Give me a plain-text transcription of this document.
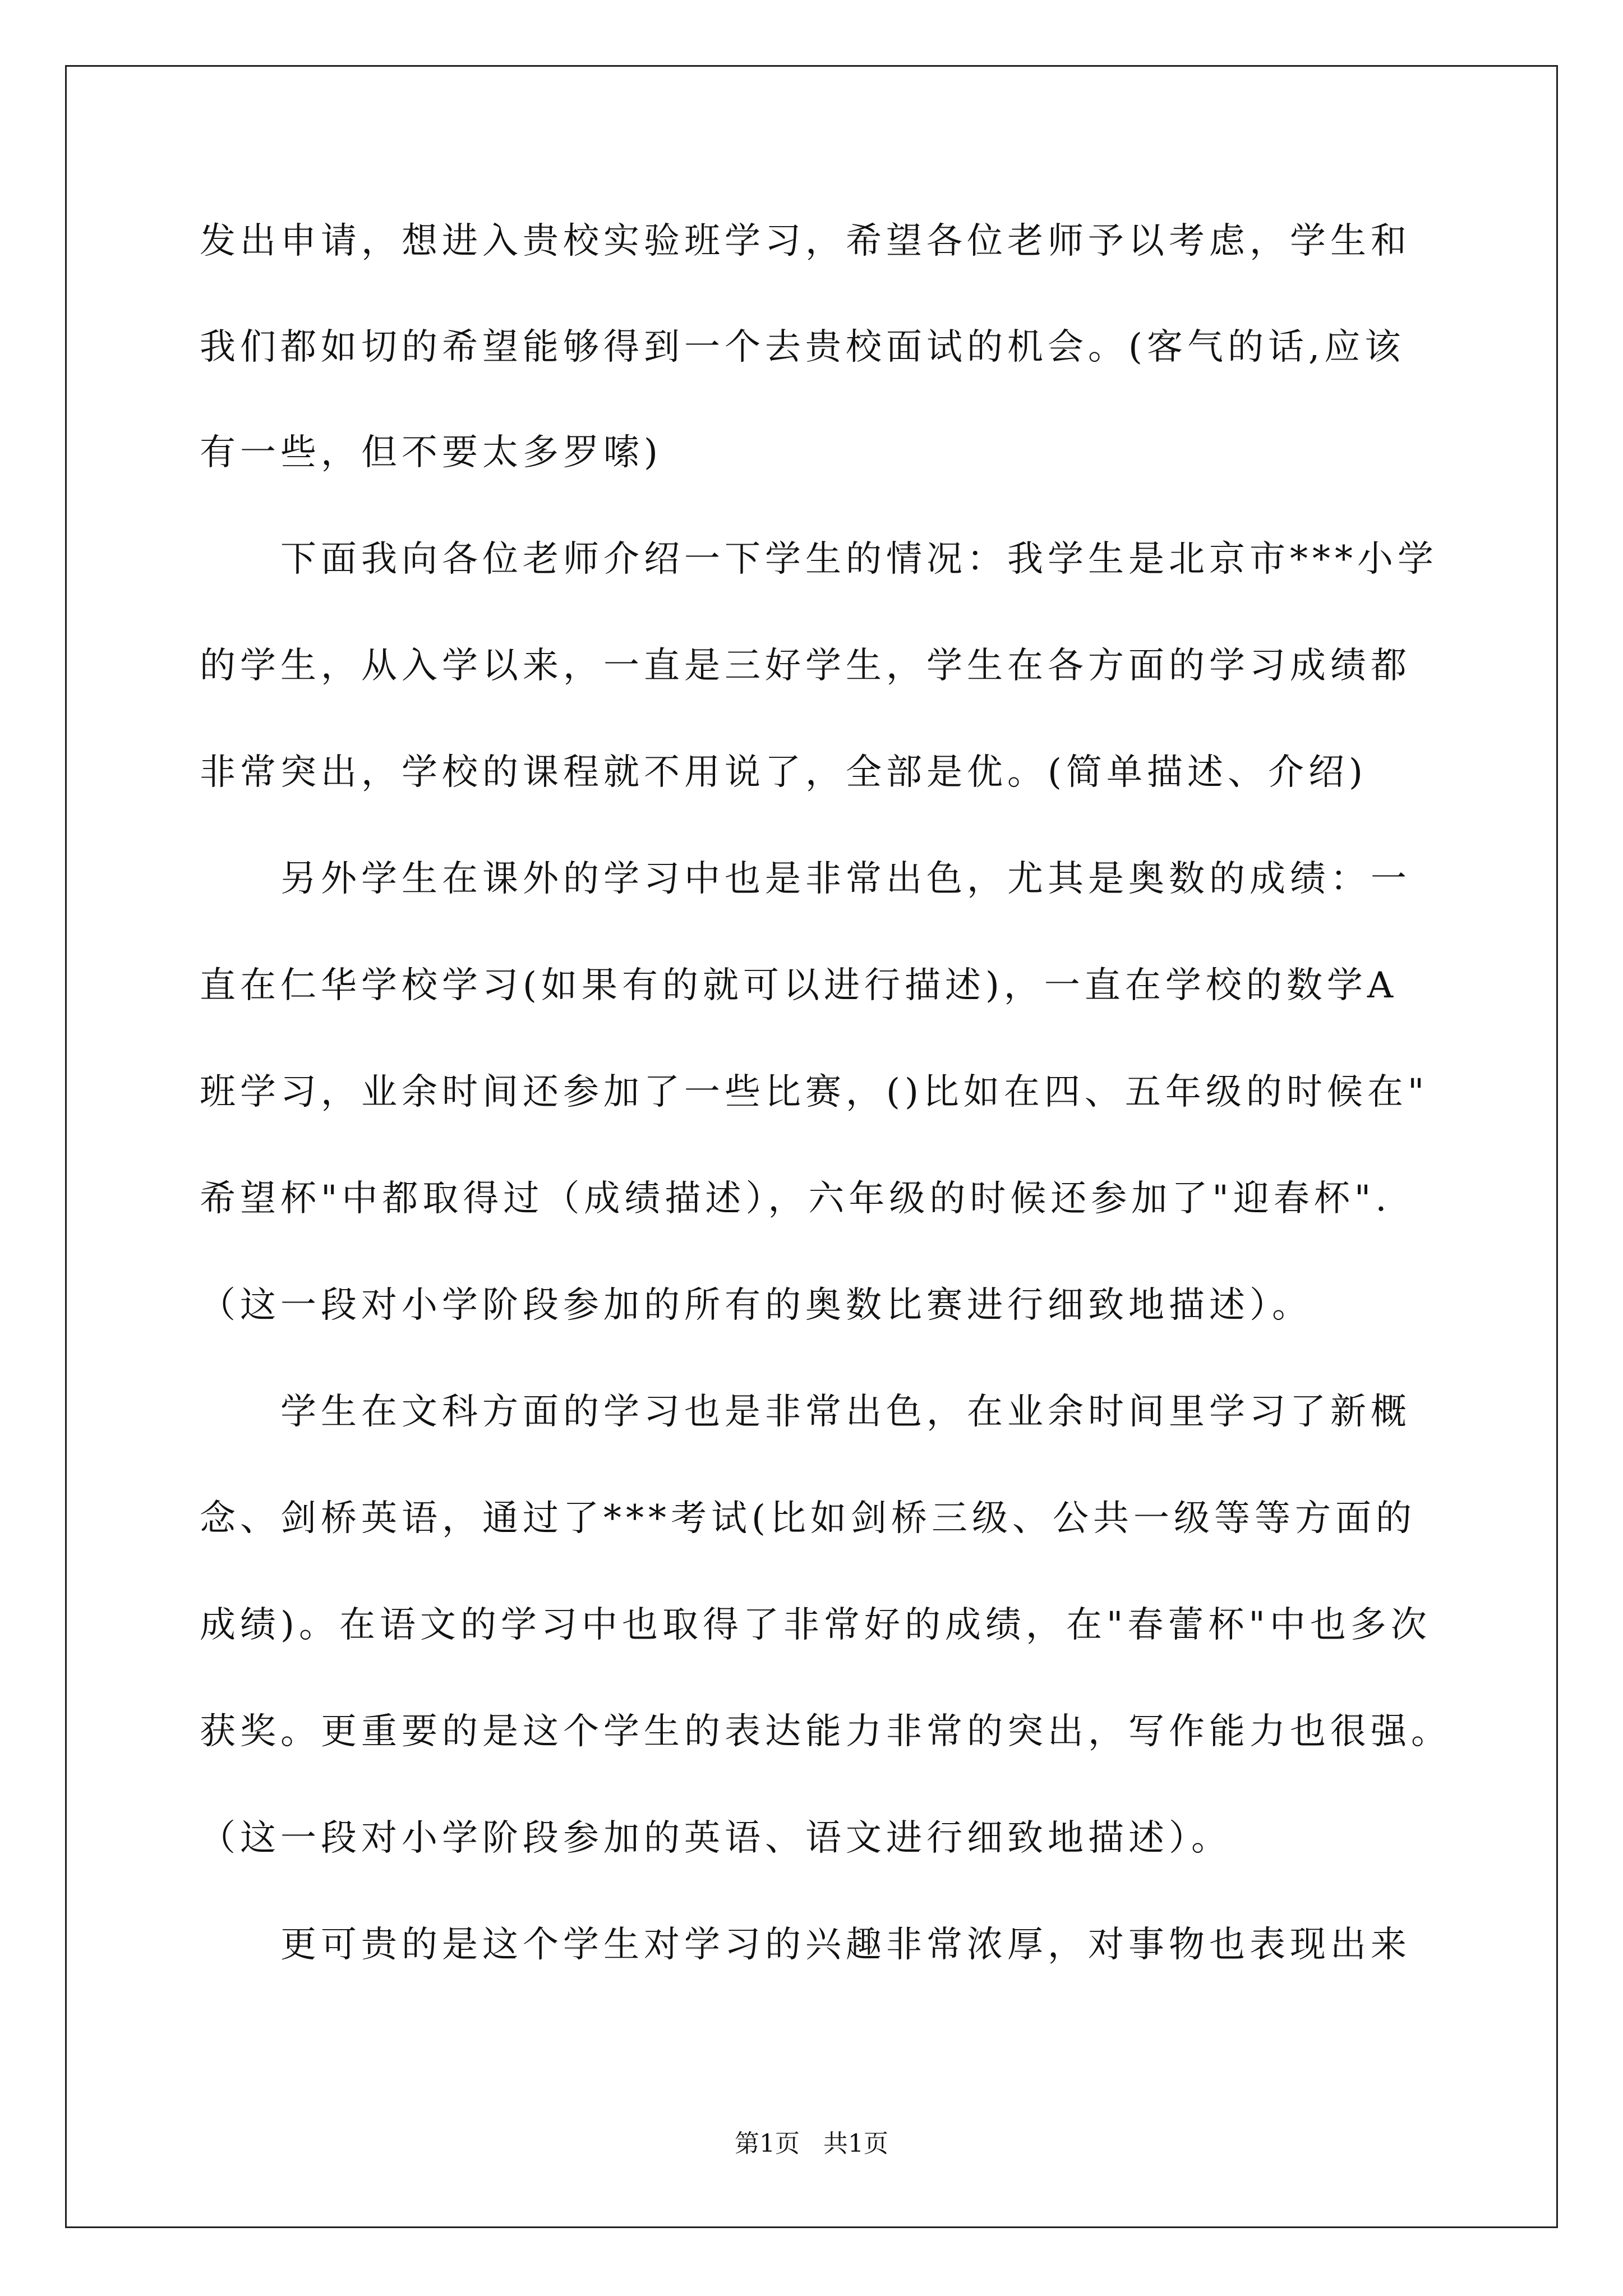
发出申请，想进入贵校实验班学习，希望各位老师予以考虑，学生和
我们都如切的希望能够得到一个去贵校面试的机会。(客气的话,应该
有一些，但不要太多罗嗦)
下面我向各位老师介绍一下学生的情况：我学生是北京市***小学
的学生，从入学以来，一直是三好学生，学生在各方面的学习成绩都
非常突出，学校的课程就不用说了，全部是优。(简单描述、介绍)
另外学生在课外的学习中也是非常出色，尤其是奥数的成绩：一
直在仁华学校学习(如果有的就可以进行描述)，一直在学校的数学A
班学习，业余时间还参加了一些比赛，()比如在四、五年级的时候在"
希望杯"中都取得过（成绩描述），六年级的时候还参加了"迎春杯".
（这一段对小学阶段参加的所有的奥数比赛进行细致地描述）。
学生在文科方面的学习也是非常出色，在业余时间里学习了新概
念、剑桥英语，通过了***考试(比如剑桥三级、公共一级等等方面的
成绩)。在语文的学习中也取得了非常好的成绩，在"春蕾杯"中也多次
获奖。更重要的是这个学生的表达能力非常的突出，写作能力也很强。
（这一段对小学阶段参加的英语、语文进行细致地描述）。
更可贵的是这个学生对学习的兴趣非常浓厚，对事物也表现出来
第1页   共1页
